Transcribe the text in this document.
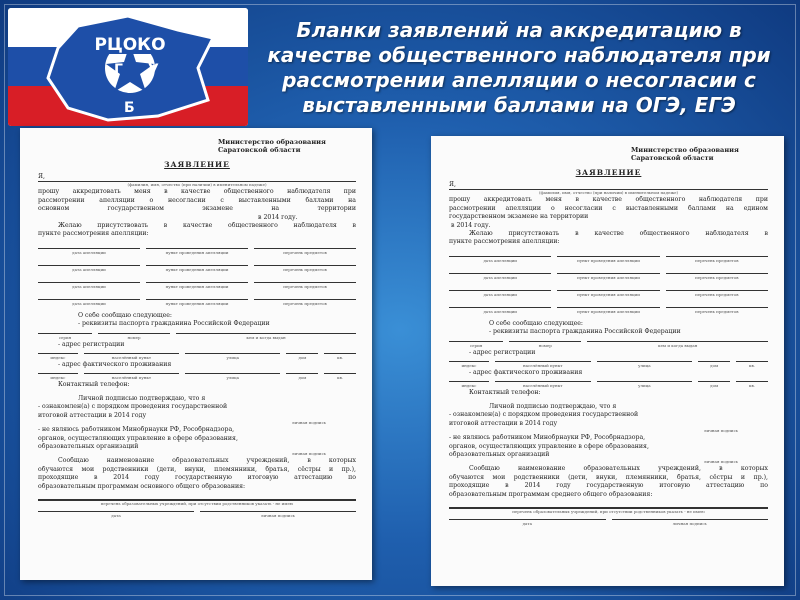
Г У
Б
РЦОКО
Бланки заявлений на аккредитацию в качестве общественного наблюдателя при рассмотрении апелляции о несогласии с выставленными баллами на ОГЭ, ЕГЭ
Министерство образования
Саратовской области
ЗАЯВЛЕНИЕ
Я,
(фамилия, имя, отчество (при наличии) в именительном падеже)
прошу аккредитовать меня в качестве общественного наблюдателя при
рассмотрении апелляции о несогласии с выставленными баллами на
основном государственном экзамене на территории
в 2014 году.
Желаю присутствовать в качестве общественного наблюдателя в
пункте рассмотрения апелляции:
дата апелляции	пункт проведения апелляции	перечень предметов
дата апелляции	пункт проведения апелляции	перечень предметов
дата апелляции	пункт проведения апелляции	перечень предметов
дата апелляции	пункт проведения апелляции	перечень предметов
О себе сообщаю следующее:
- реквизиты паспорта гражданина Российской Федерации
серия	номер	кем и когда выдан
- адрес регистрации
индекс	населённый пункт	улица	дом	кв.
- адрес фактического проживания
индекс	населённый пункт	улица	дом	кв.
Контактный телефон:
Личной подписью подтверждаю, что я
- ознакомлен(а) с порядком проведения государственной
итоговой аттестации в 2014 году
личная подпись
- не являюсь работником Минобрнауки РФ, Рособрнадзора,
органов, осуществляющих управление в сфере образования,
образовательных организаций
личная подпись
Сообщаю наименование образовательных учреждений, в которых
обучаются мои родственники (дети, внуки, племянники, братья, сёстры и пр.),
проходящие в 2014 году государственную итоговую аттестацию по
образовательным программам основного общего образования:
перечень образовательных учреждений, при отсутствии родственников указать - не имею
дата	личная подпись
Министерство образования
Саратовской области
ЗАЯВЛЕНИЕ
Я,
(фамилия, имя, отчество (при наличии) в именительном падеже)
прошу аккредитовать меня в качестве общественного наблюдателя при
рассмотрении апелляции о несогласии с выставленными баллами на едином
государственном экзамене на территории
в 2014 году.
Желаю присутствовать в качестве общественного наблюдателя в
пункте рассмотрения апелляции:
дата апелляции	пункт проведения апелляции	перечень предметов
дата апелляции	пункт проведения апелляции	перечень предметов
дата апелляции	пункт проведения апелляции	перечень предметов
дата апелляции	пункт проведения апелляции	перечень предметов
О себе сообщаю следующее:
- реквизиты паспорта гражданина Российской Федерации
серия	номер	кем и когда выдан
- адрес регистрации
индекс	населённый пункт	улица	дом	кв.
- адрес фактического проживания
индекс	населённый пункт	улица	дом	кв.
Контактный телефон:
Личной подписью подтверждаю, что я
- ознакомлен(а) с порядком проведения государственной
итоговой аттестации в 2014 году
личная подпись
- не являюсь работником Минобрнауки РФ, Рособрнадзора,
органов, осуществляющих управление в сфере образования,
образовательных организаций
личная подпись
Сообщаю наименование образовательных учреждений, в которых
обучаются мои родственники (дети, внуки, племянники, братья, сёстры и пр.),
проходящие в 2014 году государственную итоговую аттестацию по
образовательным программам среднего общего образования:
перечень образовательных учреждений, при отсутствии родственников указать - не имею
дата	личная подпись
